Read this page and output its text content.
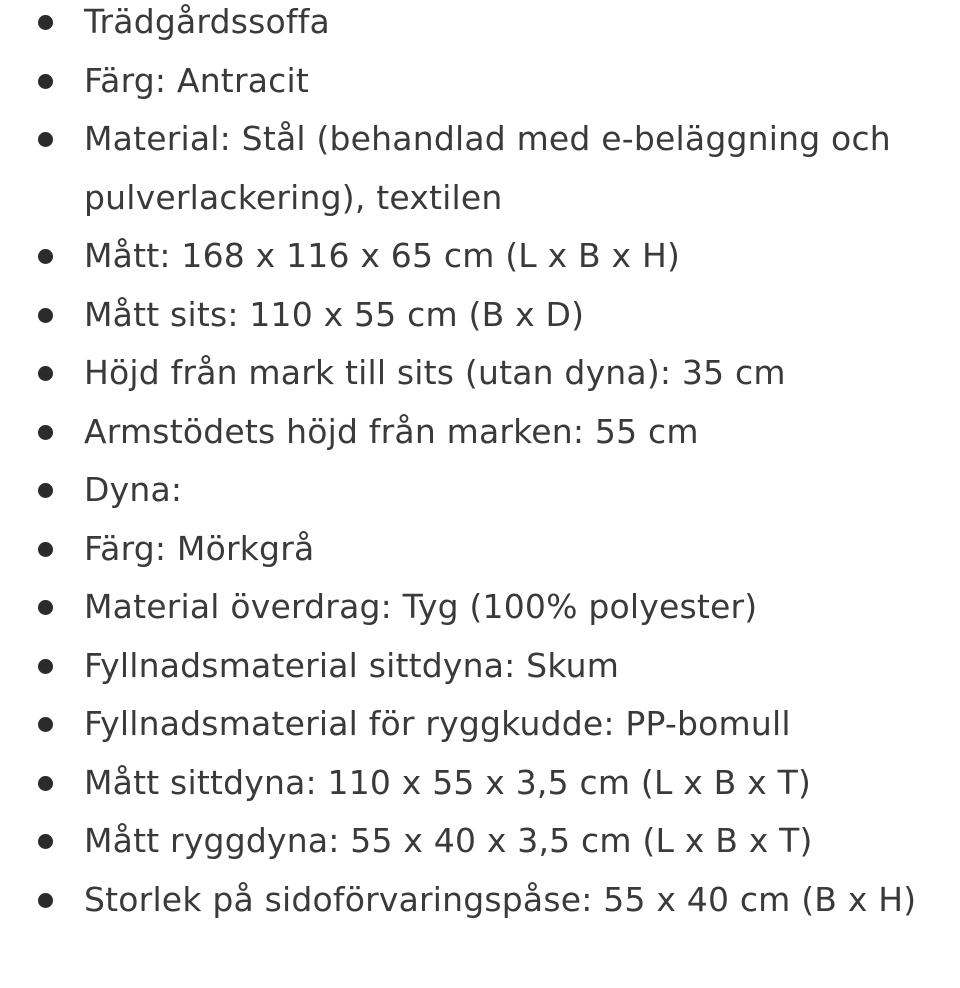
Trädgårdssoffa
Färg: Antracit
Material: Stål (behandlad med e-beläggning och pulverlackering), textilen
Mått: 168 x 116 x 65 cm (L x B x H)
Mått sits: 110 x 55 cm (B x D)
Höjd från mark till sits (utan dyna): 35 cm
Armstödets höjd från marken: 55 cm
Dyna:
Färg: Mörkgrå
Material överdrag: Tyg (100% polyester)
Fyllnadsmaterial sittdyna: Skum
Fyllnadsmaterial för ryggkudde: PP-bomull
Mått sittdyna: 110 x 55 x 3,5 cm (L x B x T)
Mått ryggdyna: 55 x 40 x 3,5 cm (L x B x T)
Storlek på sidoförvaringspåse: 55 x 40 cm (B x H)
